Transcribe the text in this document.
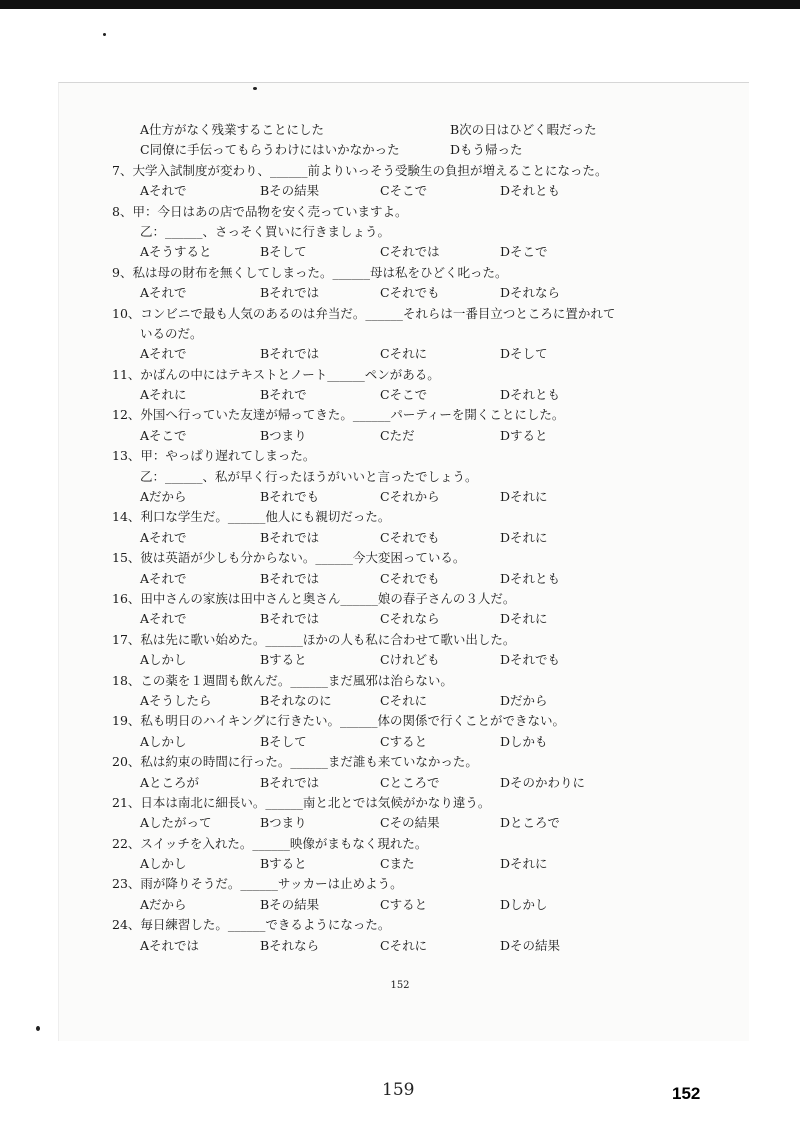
A仕方がなく残業することにした	B次の日はひどく暇だった
C同僚に手伝ってもらうわけにはいかなかった	Dもう帰った
7、大学入試制度が変わり、______前よりいっそう受験生の負担が増えることになった。
Aそれで	Bその結果	Cそこで	Dそれとも
8、甲：今日はあの店で品物を安く売っていますよ。
乙：______、さっそく買いに行きましょう。
Aそうすると	Bそして	Cそれでは	Dそこで
9、私は母の財布を無くしてしまった。______母は私をひどく叱った。
Aそれで	Bそれでは	Cそれでも	Dそれなら
10、コンビニで最も人気のあるのは弁当だ。______それらは一番目立つところに置かれて
いるのだ。
Aそれで	Bそれでは	Cそれに	Dそして
11、かばんの中にはテキストとノート______ペンがある。
Aそれに	Bそれで	Cそこで	Dそれとも
12、外国へ行っていた友達が帰ってきた。______パーティーを開くことにした。
Aそこで	Bつまり	Cただ	Dすると
13、甲：やっぱり遅れてしまった。
乙：______、私が早く行ったほうがいいと言ったでしょう。
Aだから	Bそれでも	Cそれから	Dそれに
14、利口な学生だ。______他人にも親切だった。
Aそれで	Bそれでは	Cそれでも	Dそれに
15、彼は英語が少しも分からない。______今大変困っている。
Aそれで	Bそれでは	Cそれでも	Dそれとも
16、田中さんの家族は田中さんと奥さん______娘の春子さんの３人だ。
Aそれで	Bそれでは	Cそれなら	Dそれに
17、私は先に歌い始めた。______ほかの人も私に合わせて歌い出した。
Aしかし	Bすると	Cけれども	Dそれでも
18、この薬を１週間も飲んだ。______まだ風邪は治らない。
Aそうしたら	Bそれなのに	Cそれに	Dだから
19、私も明日のハイキングに行きたい。______体の関係で行くことができない。
Aしかし	Bそして	Cすると	Dしかも
20、私は約束の時間に行った。______まだ誰も来ていなかった。
Aところが	Bそれでは	Cところで	Dそのかわりに
21、日本は南北に細長い。______南と北とでは気候がかなり違う。
Aしたがって	Bつまり	Cその結果	Dところで
22、スイッチを入れた。______映像がまもなく現れた。
Aしかし	Bすると	Cまた	Dそれに
23、雨が降りそうだ。______サッカーは止めよう。
Aだから	Bその結果	Cすると	Dしかし
24、毎日練習した。______できるようになった。
Aそれでは	Bそれなら	Cそれに	Dその結果
152
159	152
